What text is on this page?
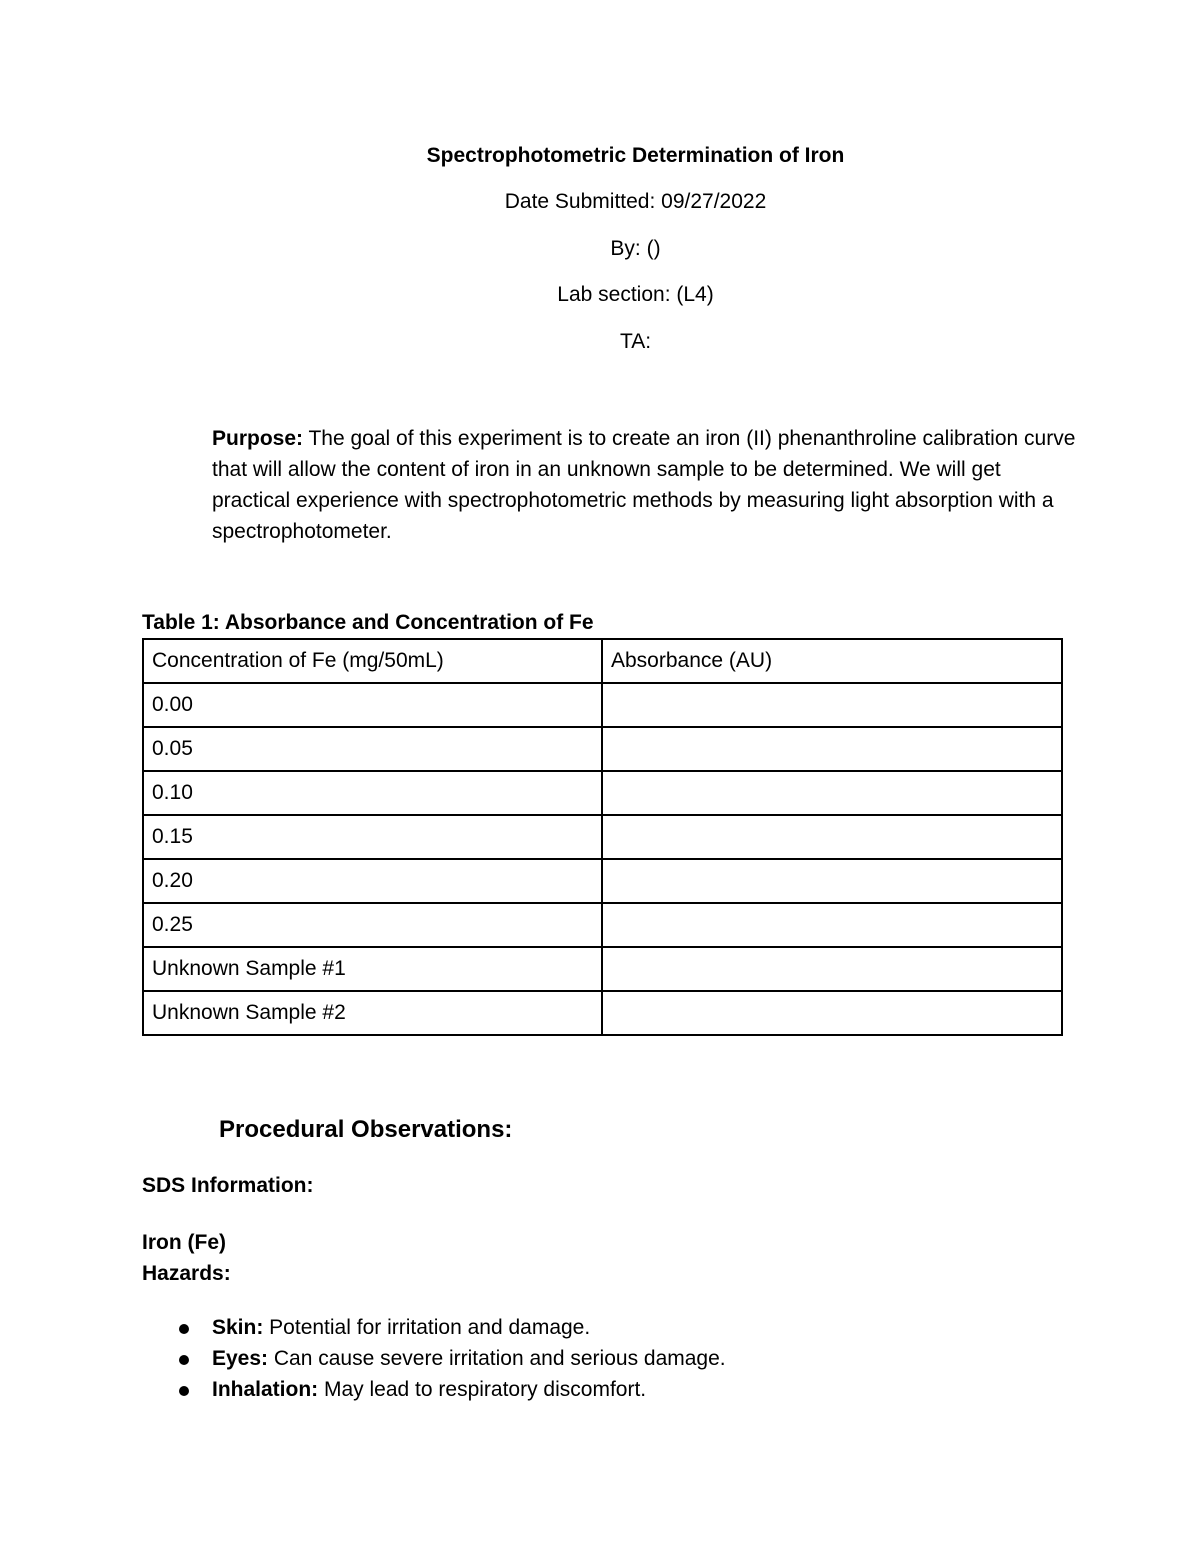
Spectrophotometric Determination of Iron
Date Submitted: 09/27/2022
By: ()
Lab section: (L4)
TA:
Purpose: The goal of this experiment is to create an iron (II) phenanthroline calibration curve that will allow the content of iron in an unknown sample to be determined. We will get practical experience with spectrophotometric methods by measuring light absorption with a spectrophotometer.
Table 1: Absorbance and Concentration of Fe
Concentration of Fe (mg/50mL)	Absorbance (AU)
0.00	
0.05	
0.10	
0.15	
0.20	
0.25	
Unknown Sample #1	
Unknown Sample #2	
Procedural Observations:
SDS Information:
Iron (Fe)
Hazards:
Skin: Potential for irritation and damage.
Eyes: Can cause severe irritation and serious damage.
Inhalation: May lead to respiratory discomfort.
